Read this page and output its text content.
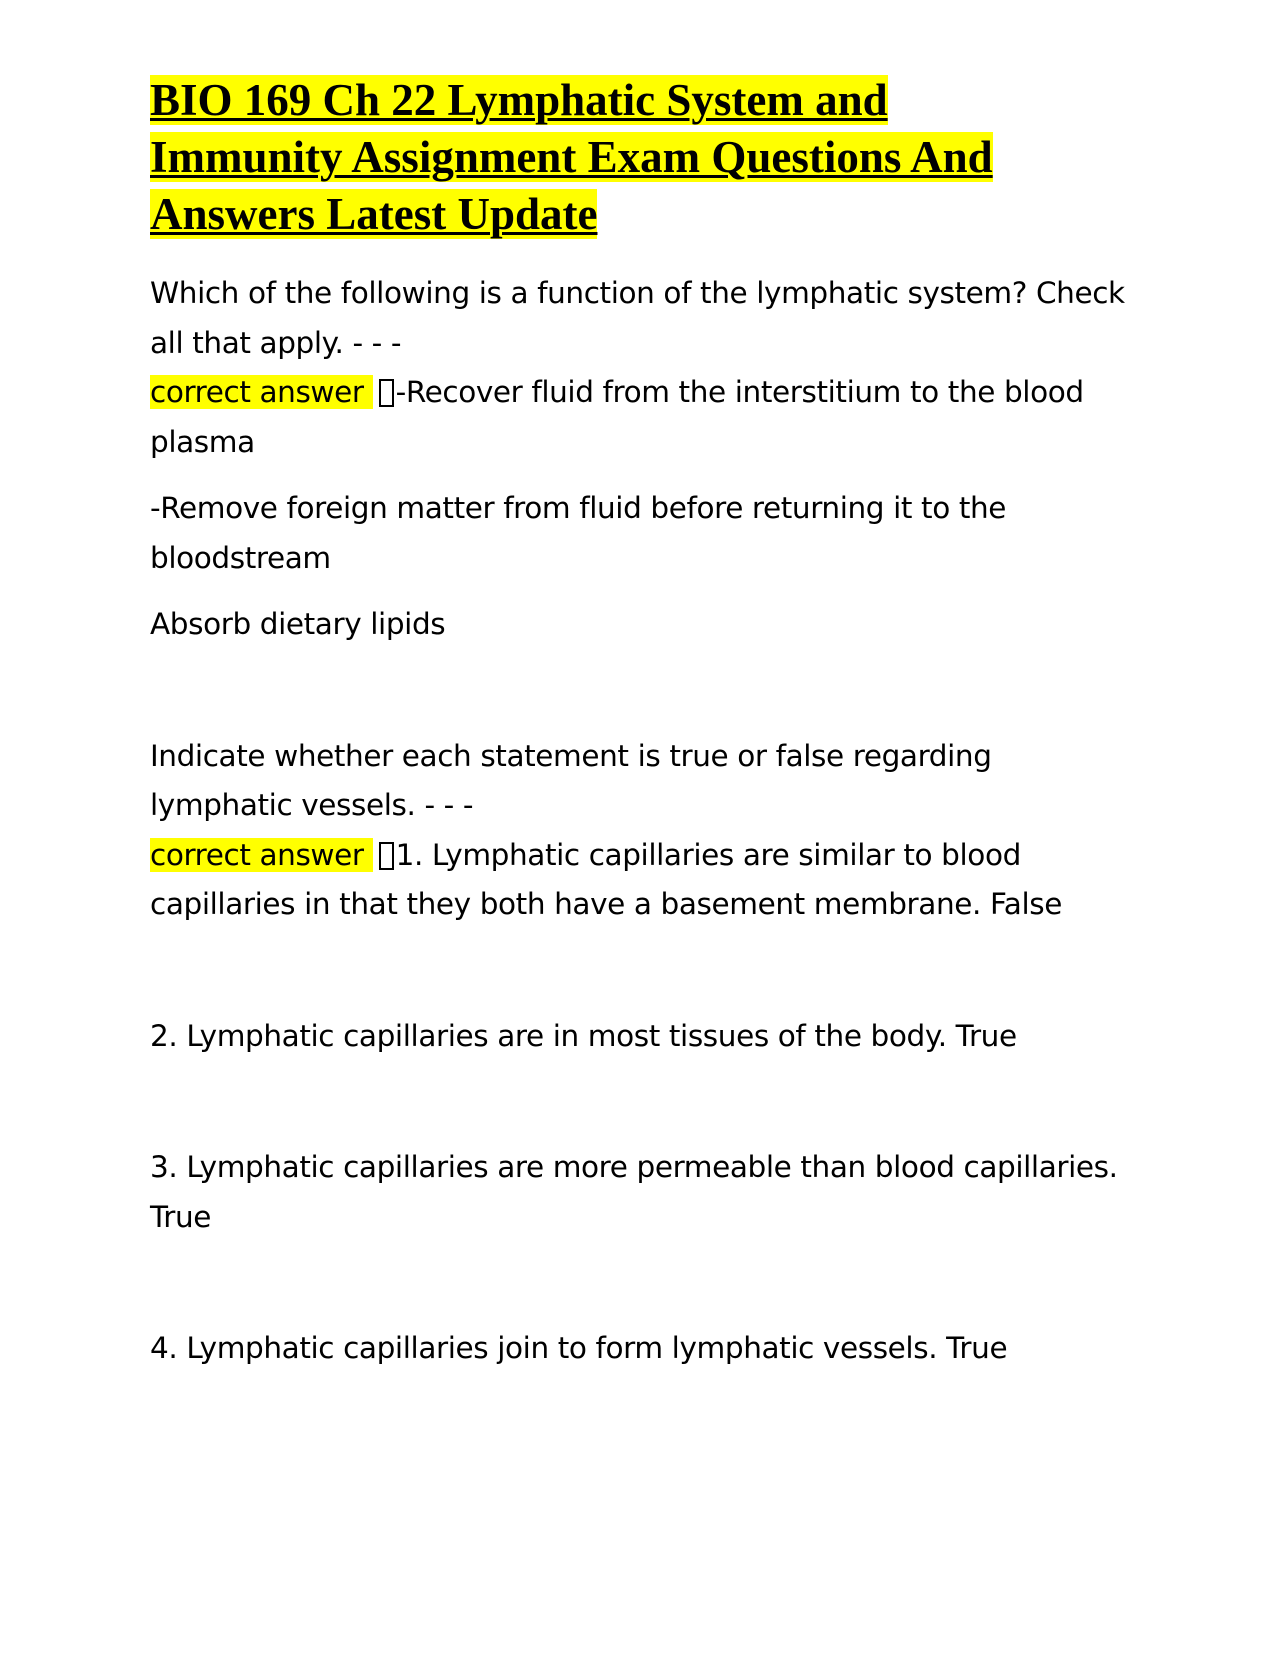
BIO 169 Ch 22 Lymphatic System and
Immunity Assignment Exam Questions And
Answers Latest Update

Which of the following is a function of the lymphatic system? Check
all that apply. - - -
correct answer -Recover fluid from the interstitium to the blood
plasma

-Remove foreign matter from fluid before returning it to the
bloodstream

Absorb dietary lipids

Indicate whether each statement is true or false regarding
lymphatic vessels. - - -
correct answer 1. Lymphatic capillaries are similar to blood
capillaries in that they both have a basement membrane. False

2. Lymphatic capillaries are in most tissues of the body. True

3. Lymphatic capillaries are more permeable than blood capillaries.
True

4. Lymphatic capillaries join to form lymphatic vessels. True
